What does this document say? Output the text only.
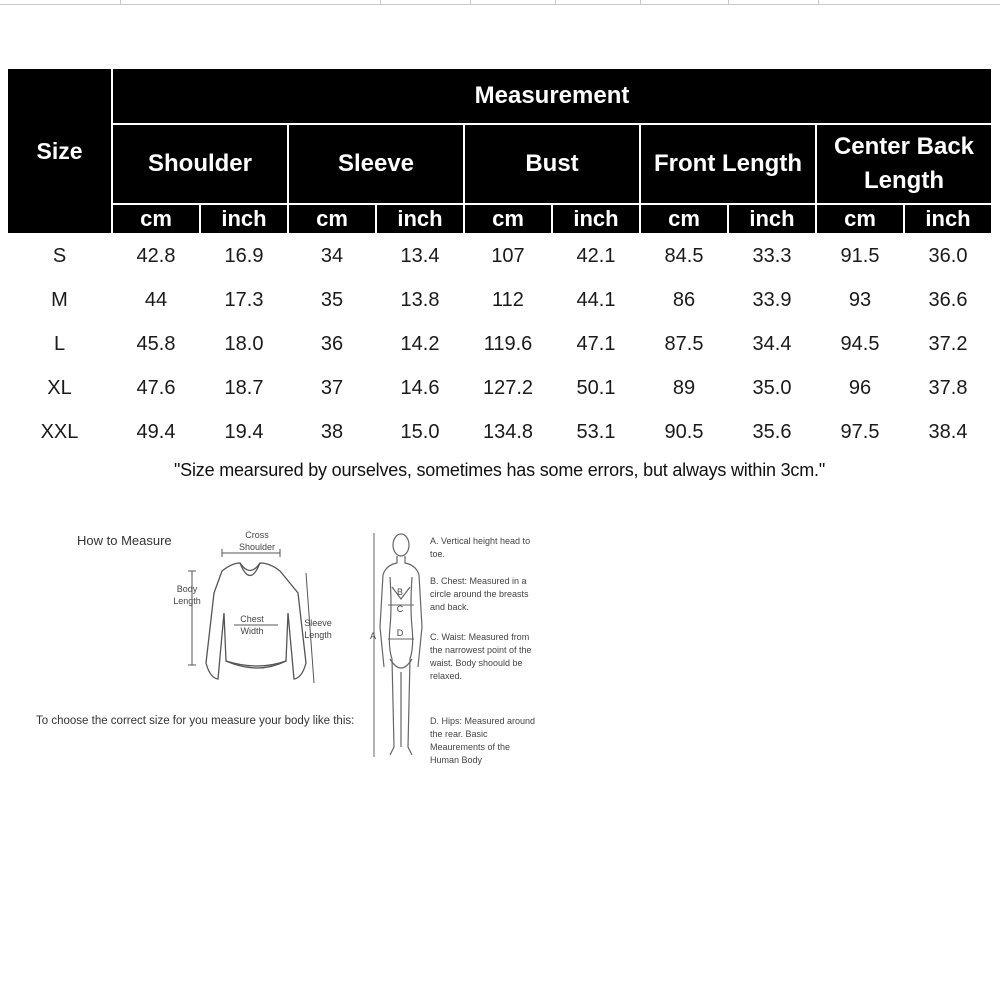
Size	Measurement									
	Shoulder		Sleeve		Bust		Front Length		Center Back Length	
	cm	inch	cm	inch	cm	inch	cm	inch	cm	inch
S	42.8	16.9	34	13.4	107	42.1	84.5	33.3	91.5	36.0
M	44	17.3	35	13.8	112	44.1	86	33.9	93	36.6
L	45.8	18.0	36	14.2	119.6	47.1	87.5	34.4	94.5	37.2
XL	47.6	18.7	37	14.6	127.2	50.1	89	35.0	96	37.8
XXL	49.4	19.4	38	15.0	134.8	53.1	90.5	35.6	97.5	38.4
"Size mearsured by ourselves, sometimes has some errors, but always within 3cm."										
How to Measure	Cross
Shoulder
Body
Length
Chest
Width
Sleeve
Length
To choose the correct size for you measure your body like this:
A
B
C
D
A. Vertical height head to toe.
B. Chest: Measured in a circle around the breasts and back.
C. Waist: Measured from the narrowest point of the waist. Body shoould be relaxed.
D. Hips: Measured around the rear. Basic Meaurements of the Human Body
